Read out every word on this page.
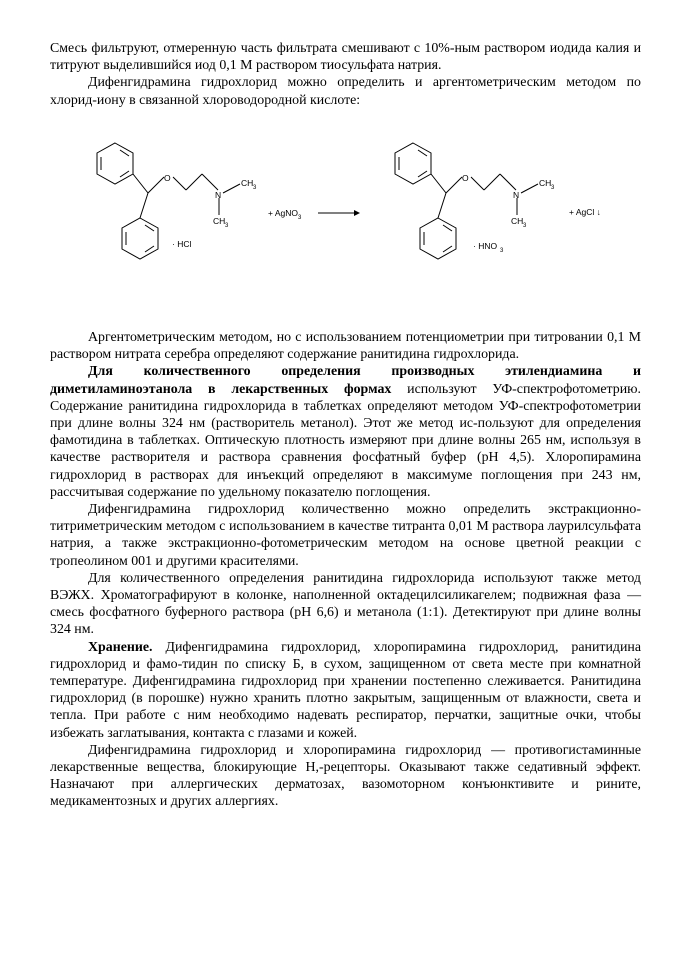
Смесь фильтруют, отмеренную часть фильтрата смешивают с 10%-ным раствором иодида калия и титруют выделившийся иод 0,1 М раствором тиосульфата натрия.

Дифенгидрамина гидрохлорид можно определить и аргентометрическим методом по хлорид-иону в связанной хлороводородной кислоте:

O
N
CH 3
CH 3
· HCl
+ AgNO 3
O
N
CH 3
CH 3
· HNO 3
+ AgCl ↓

Аргентометрическим методом, но с использованием потенциометрии при титровании 0,1 М раствором нитрата серебра определяют содержание ранитидина гидрохлорида.

Для количественного определения производных этилендиамина и диметиламиноэтанола в лекарственных формах используют УФ-спектрофотометрию. Содержание ранитидина гидрохлорида в таблетках определяют методом УФ-спектрофотометрии при длине волны 324 нм (растворитель метанол). Этот же метод ис-пользуют для определения фамотидина в таблетках. Оптическую плотность измеряют при длине волны 265 нм, используя в качестве растворителя и раствора сравнения фосфатный буфер (рН 4,5). Хлоропирамина гидрохлорид в растворах для инъекций определяют в максимуме поглощения при 243 нм, рассчитывая содержание по удельному показателю поглощения.

Дифенгидрамина гидрохлорид количественно можно определить экстракционно-титриметрическим методом с использованием в качестве титранта 0,01 М раствора лаурилсульфата натрия, а также экстракционно-фотометрическим методом на основе цветной реакции с тропеолином 001 и другими красителями.

Для количественного определения ранитидина гидрохлорида используют также метод ВЭЖХ. Хроматографируют в колонке, наполненной октадецилсиликагелем; подвижная фаза — смесь фосфатного буферного раствора (рН 6,6) и метанола (1:1). Детектируют при длине волны 324 нм.

Хранение. Дифенгидрамина гидрохлорид, хлоропирамина гидрохлорид, ранитидина гидрохлорид и фамо-тидин по списку Б, в сухом, защищенном от света месте при комнатной температуре. Дифенгидрамина гидрохлорид при хранении постепенно слеживается. Ранитидина гидрохлорид (в порошке) нужно хранить плотно закрытым, защищенным от влажности, света и тепла. При работе с ним необходимо надевать респиратор, перчатки, защитные очки, чтобы избежать заглатывания, контакта с глазами и кожей.

Дифенгидрамина гидрохлорид и хлоропирамина гидрохлорид — противогистаминные лекарственные вещества, блокирующие Н,-рецепторы. Оказывают также седативный эффект. Назначают при аллергических дерматозах, вазомоторном конъюнктивите и рините, медикаментозных и других аллергиях.
